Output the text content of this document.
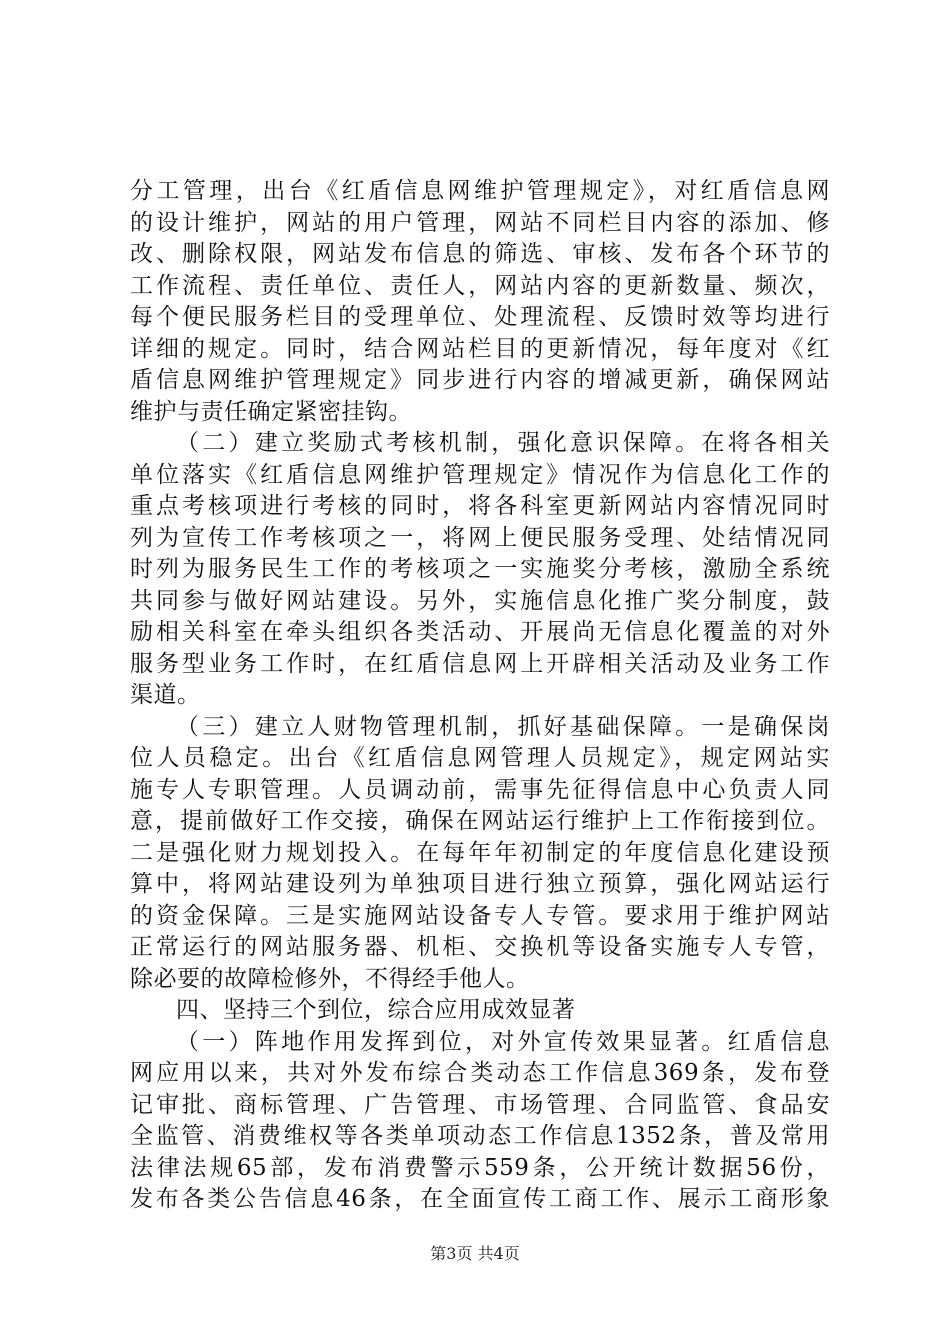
分工管理，出台《红盾信息网维护管理规定》，对红盾信息网
的设计维护，网站的用户管理，网站不同栏目内容的添加、修
改、删除权限，网站发布信息的筛选、审核、发布各个环节的
工作流程、责任单位、责任人，网站内容的更新数量、频次，
每个便民服务栏目的受理单位、处理流程、反馈时效等均进行
详细的规定。同时，结合网站栏目的更新情况，每年度对《红
盾信息网维护管理规定》同步进行内容的增减更新，确保网站
维护与责任确定紧密挂钩。
（二）建立奖励式考核机制，强化意识保障。在将各相关
单位落实《红盾信息网维护管理规定》情况作为信息化工作的
重点考核项进行考核的同时，将各科室更新网站内容情况同时
列为宣传工作考核项之一，将网上便民服务受理、处结情况同
时列为服务民生工作的考核项之一实施奖分考核，激励全系统
共同参与做好网站建设。另外，实施信息化推广奖分制度，鼓
励相关科室在牵头组织各类活动、开展尚无信息化覆盖的对外
服务型业务工作时，在红盾信息网上开辟相关活动及业务工作
渠道。
（三）建立人财物管理机制，抓好基础保障。一是确保岗
位人员稳定。出台《红盾信息网管理人员规定》，规定网站实
施专人专职管理。人员调动前，需事先征得信息中心负责人同
意，提前做好工作交接，确保在网站运行维护上工作衔接到位。
二是强化财力规划投入。在每年年初制定的年度信息化建设预
算中，将网站建设列为单独项目进行独立预算，强化网站运行
的资金保障。三是实施网站设备专人专管。要求用于维护网站
正常运行的网站服务器、机柜、交换机等设备实施专人专管，
除必要的故障检修外，不得经手他人。
四、坚持三个到位，综合应用成效显著
（一）阵地作用发挥到位，对外宣传效果显著。红盾信息
网应用以来，共对外发布综合类动态工作信息369条，发布登
记审批、商标管理、广告管理、市场管理、合同监管、食品安
全监管、消费维权等各类单项动态工作信息1352条，普及常用
法律法规65部，发布消费警示559条，公开统计数据56份，
发布各类公告信息46条，在全面宣传工商工作、展示工商形象
第3页 共4页
